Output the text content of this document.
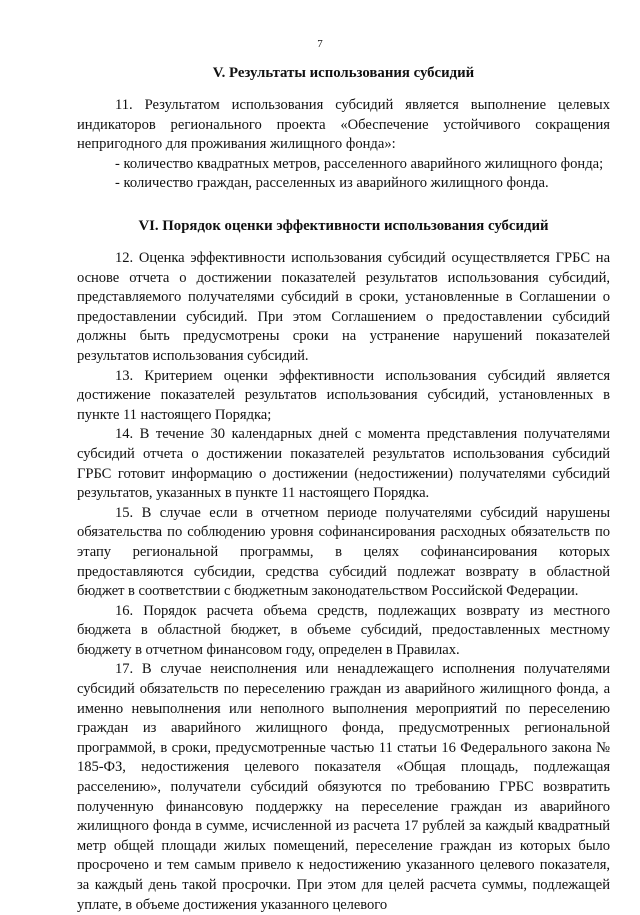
7
V. Результаты использования субсидий

11. Результатом использования субсидий является выполнение целевых индикаторов регионального проекта «Обеспечение устойчивого сокращения непригодного для проживания жилищного фонда»:

- количество квадратных метров, расселенного аварийного жилищного фонда;

- количество граждан, расселенных из аварийного жилищного фонда.

VI. Порядок оценки эффективности использования субсидий

12. Оценка эффективности использования субсидий осуществляется ГРБС на основе отчета о достижении показателей результатов использования субсидий, представляемого получателями субсидий в сроки, установленные в Соглашении о предоставлении субсидий. При этом Соглашением о предоставлении субсидий должны быть предусмотрены сроки на устранение нарушений показателей результатов использования субсидий.

13. Критерием оценки эффективности использования субсидий является достижение показателей результатов использования субсидий, установленных в пункте 11 настоящего Порядка;

14. В течение 30 календарных дней с момента представления получателями субсидий отчета о достижении показателей результатов использования субсидий ГРБС готовит информацию о достижении (недостижении) получателями субсидий результатов, указанных в пункте 11 настоящего Порядка.

15. В случае если в отчетном периоде получателями субсидий нарушены обязательства по соблюдению уровня софинансирования расходных обязательств по этапу региональной программы, в целях софинансирования которых предоставляются субсидии, средства субсидий подлежат возврату в областной бюджет в соответствии с бюджетным законодательством Российской Федерации.

16. Порядок расчета объема средств, подлежащих возврату из местного бюджета в областной бюджет, в объеме субсидий, предоставленных местному бюджету в отчетном финансовом году, определен в Правилах.

17. В случае неисполнения или ненадлежащего исполнения получателями субсидий обязательств по переселению граждан из аварийного жилищного фонда, а именно невыполнения или неполного выполнения мероприятий по переселению граждан из аварийного жилищного фонда, предусмотренных региональной программой, в сроки, предусмотренные частью 11 статьи 16 Федерального закона № 185-ФЗ, недостижения целевого показателя «Общая площадь, подлежащая расселению», получатели субсидий обязуются по требованию ГРБС возвратить полученную финансовую поддержку на переселение граждан из аварийного жилищного фонда в сумме, исчисленной из расчета 17 рублей за каждый квадратный метр общей площади жилых помещений, переселение граждан из которых было просрочено и тем самым привело к недостижению указанного целевого показателя, за каждый день такой просрочки. При этом для целей расчета суммы, подлежащей уплате, в объеме достижения указанного целевого
